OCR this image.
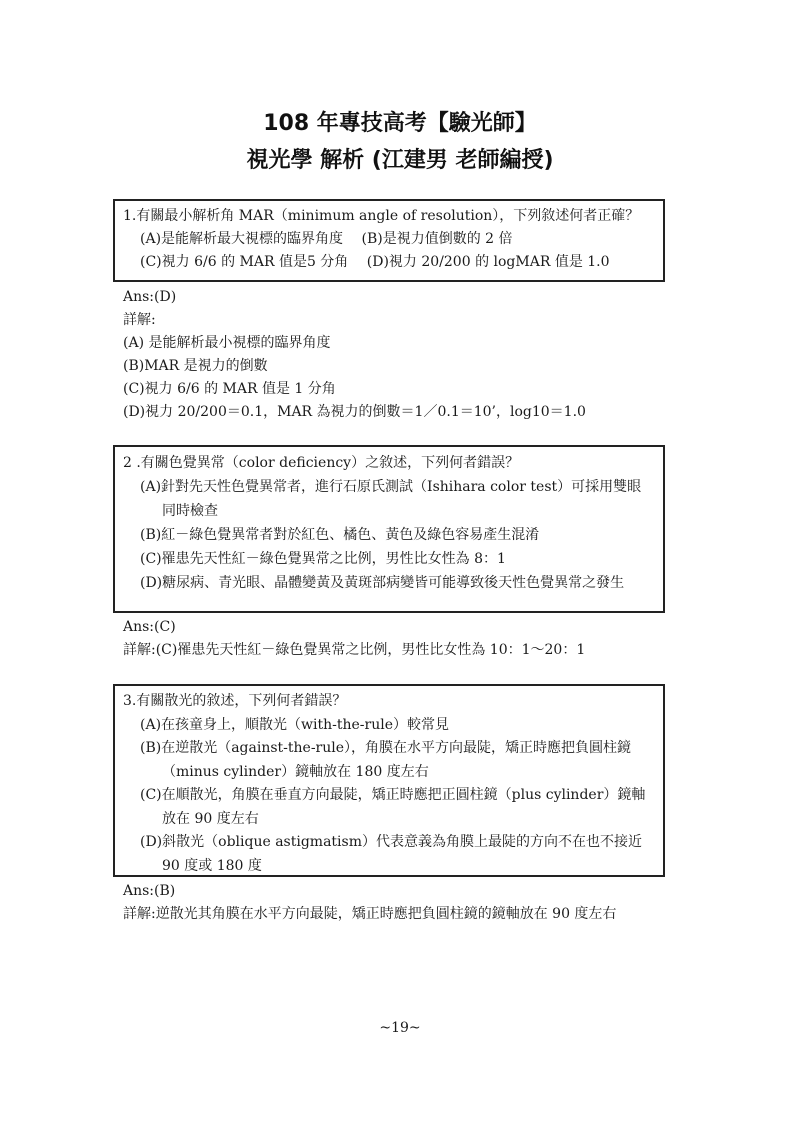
108 年專技高考【驗光師】
視光學 解析 (江建男 老師編授)

1.有關最小解析角 MAR（minimum angle of resolution），下列敘述何者正確？

(A)是能解析最大視標的臨界角度 (B)是視力值倒數的 2 倍

(C)視力 6/6 的 MAR 值是5 分角 (D)視力 20/200 的 logMAR 值是 1.0

Ans:(D)
詳解:
(A) 是能解析最小視標的臨界角度
(B)MAR 是視力的倒數
(C)視力 6/6 的 MAR 值是 1 分角
(D)視力 20/200＝0.1，MAR 為視力的倒數＝1／0.1＝10’，log10＝1.0

2 .有關色覺異常（color deficiency）之敘述，下列何者錯誤？

(A)針對先天性色覺異常者，進行石原氏測試（Ishihara color test）可採用雙眼同時檢查

(B)紅－綠色覺異常者對於紅色、橘色、黃色及綠色容易產生混淆

(C)罹患先天性紅－綠色覺異常之比例，男性比女性為 8：1

(D)糖尿病、青光眼、晶體變黃及黃斑部病變皆可能導致後天性色覺異常之發生

Ans:(C)
詳解:(C)罹患先天性紅－綠色覺異常之比例，男性比女性為 10：1～20：1

3.有關散光的敘述，下列何者錯誤？

(A)在孩童身上，順散光（with-the-rule）較常見

(B)在逆散光（against-the-rule），角膜在水平方向最陡，矯正時應把負圓柱鏡（minus cylinder）鏡軸放在 180 度左右

(C)在順散光，角膜在垂直方向最陡，矯正時應把正圓柱鏡（plus cylinder）鏡軸放在 90 度左右

(D)斜散光（oblique astigmatism）代表意義為角膜上最陡的方向不在也不接近 90 度或 180 度

Ans:(B)
詳解:逆散光其角膜在水平方向最陡，矯正時應把負圓柱鏡的鏡軸放在 90 度左右
~19~
